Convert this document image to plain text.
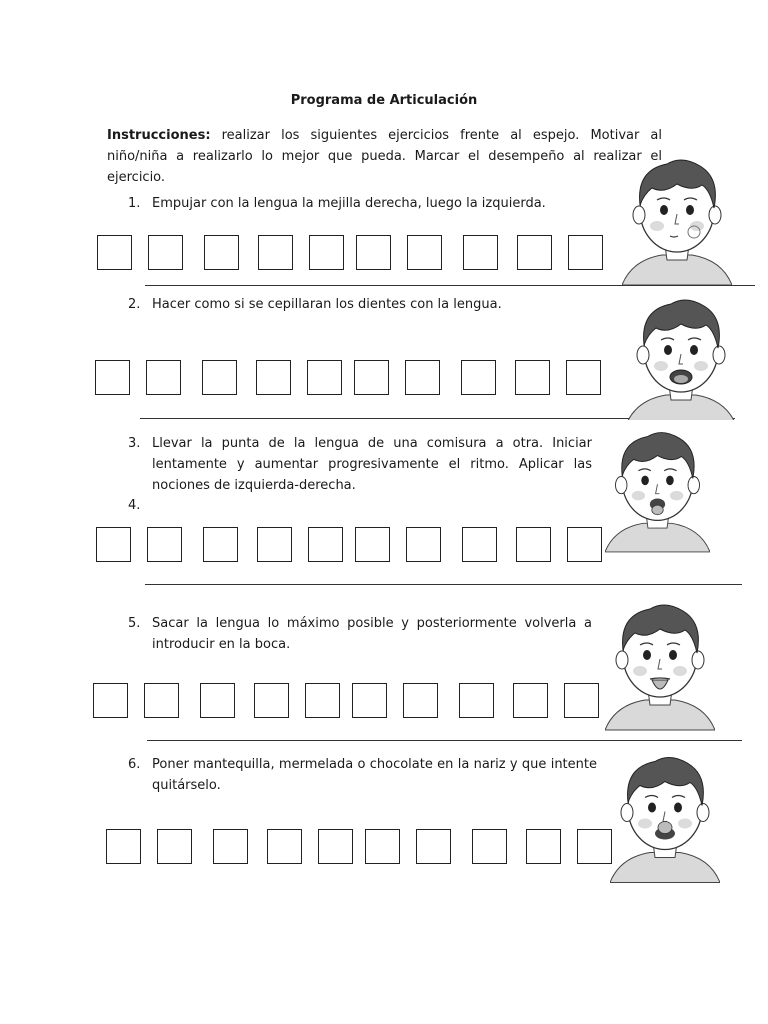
Programa de Articulación

Instrucciones: realizar los siguientes ejercicios frente al espejo. Motivar al niño/niña a realizarlo lo mejor que pueda. Marcar el desempeño al realizar el ejercicio.

1. Empujar con la lengua la mejilla derecha, luego la izquierda.
2. Hacer como si se cepillaran los dientes con la lengua.
3. Llevar la punta de la lengua de una comisura a otra. Iniciar lentamente y aumentar progresivamente el ritmo. Aplicar las nociones de izquierda-derecha.
4.
5. Sacar la lengua lo máximo posible y posteriormente volverla a introducir en la boca.
6. Poner mantequilla, mermelada o chocolate en la nariz y que intente quitárselo.
